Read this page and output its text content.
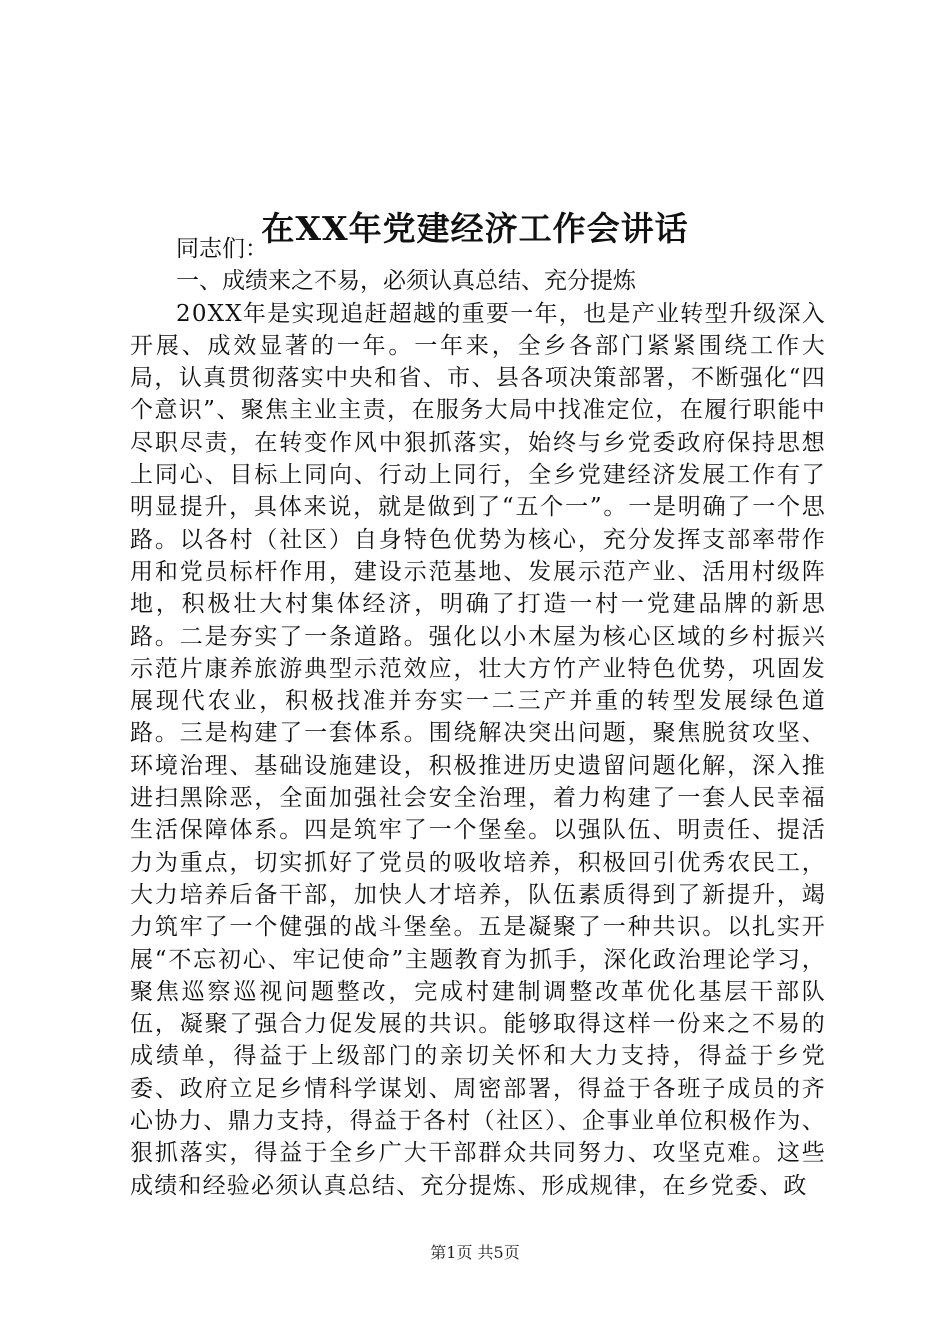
在XX年党建经济工作会讲话

同志们：

一、成绩来之不易，必须认真总结、充分提炼

20XX年是实现追赶超越的重要一年，也是产业转型升级深入开展、成效显著的一年。一年来，全乡各部门紧紧围绕工作大局，认真贯彻落实中央和省、市、县各项决策部署，不断强化“四个意识”、聚焦主业主责，在服务大局中找准定位，在履行职能中尽职尽责，在转变作风中狠抓落实，始终与乡党委政府保持思想上同心、目标上同向、行动上同行，全乡党建经济发展工作有了明显提升，具体来说，就是做到了“五个一”。一是明确了一个思路。以各村（社区）自身特色优势为核心，充分发挥支部率带作用和党员标杆作用，建设示范基地、发展示范产业、活用村级阵地，积极壮大村集体经济，明确了打造一村一党建品牌的新思路。二是夯实了一条道路。强化以小木屋为核心区域的乡村振兴示范片康养旅游典型示范效应，壮大方竹产业特色优势，巩固发展现代农业，积极找准并夯实一二三产并重的转型发展绿色道路。三是构建了一套体系。围绕解决突出问题，聚焦脱贫攻坚、环境治理、基础设施建设，积极推进历史遗留问题化解，深入推进扫黑除恶，全面加强社会安全治理，着力构建了一套人民幸福生活保障体系。四是筑牢了一个堡垒。以强队伍、明责任、提活力为重点，切实抓好了党员的吸收培养，积极回引优秀农民工，大力培养后备干部，加快人才培养，队伍素质得到了新提升，竭力筑牢了一个健强的战斗堡垒。五是凝聚了一种共识。以扎实开展“不忘初心、牢记使命”主题教育为抓手，深化政治理论学习，聚焦巡察巡视问题整改，完成村建制调整改革优化基层干部队伍，凝聚了强合力促发展的共识。能够取得这样一份来之不易的成绩单，得益于上级部门的亲切关怀和大力支持，得益于乡党委、政府立足乡情科学谋划、周密部署，得益于各班子成员的齐心协力、鼎力支持，得益于各村（社区）、企事业单位积极作为、狠抓落实，得益于全乡广大干部群众共同努力、攻坚克难。这些成绩和经验必须认真总结、充分提炼、形成规律，在乡党委、政

第1页 共5页
